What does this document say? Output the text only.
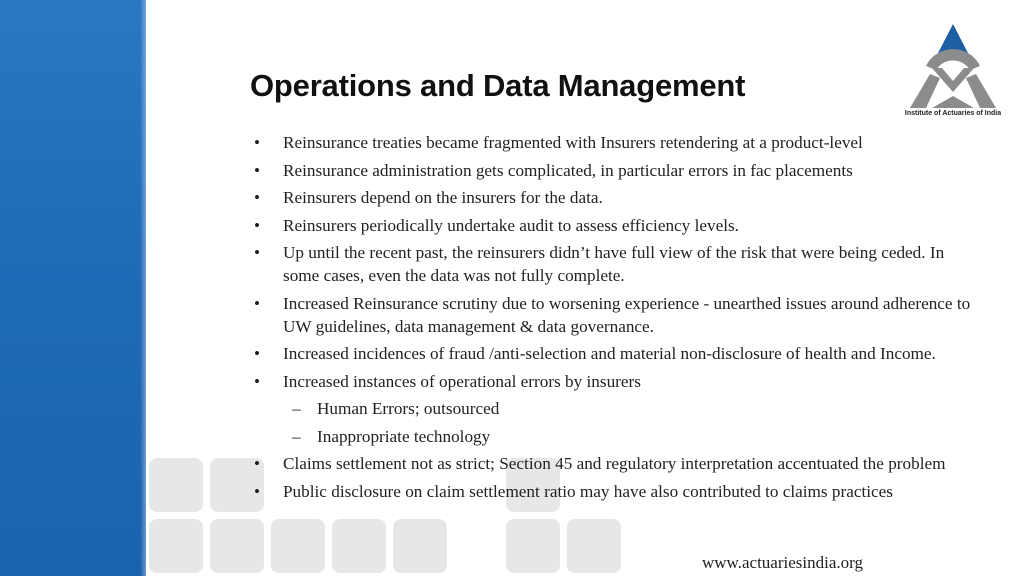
Operations and Data Management
Institute of Actuaries of India
• Reinsurance treaties became fragmented with Insurers retendering at a product-level
• Reinsurance administration gets complicated, in particular errors in fac placements
• Reinsurers depend on the insurers for the data.
• Reinsurers periodically undertake audit to assess efficiency levels.
• Up until the recent past, the reinsurers didn’t have full view of the risk that were being ceded. In some cases, even the data was not fully complete.
• Increased Reinsurance scrutiny due to worsening experience - unearthed issues around adherence to UW guidelines, data management & data governance.
• Increased incidences of fraud /anti-selection and material non-disclosure of health and Income.
• Increased instances of operational errors by insurers
– Human Errors; outsourced
– Inappropriate technology
• Claims settlement not as strict; Section 45 and regulatory interpretation accentuated the problem
• Public disclosure on claim settlement ratio may have also contributed to claims practices
www.actuariesindia.org
